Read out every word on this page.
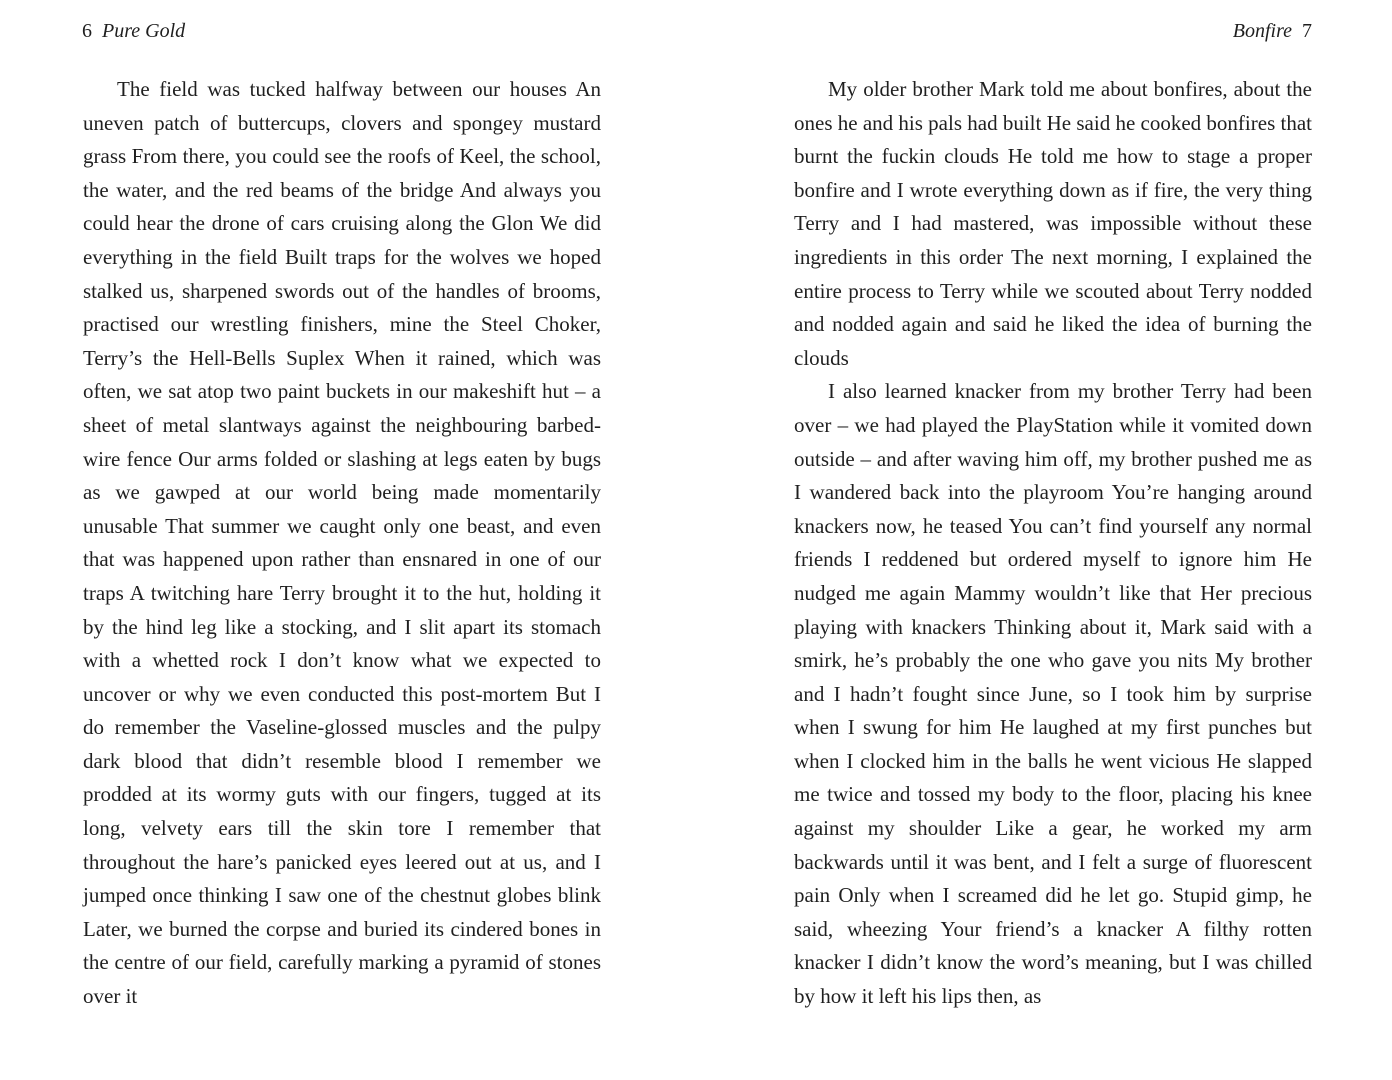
6 Pure Gold

The field was tucked halfway between our houses An uneven patch of buttercups, clovers and spongey mustard grass From there, you could see the roofs of Keel, the school, the water, and the red beams of the bridge And always you could hear the drone of cars cruising along the Glon We did everything in the field Built traps for the wolves we hoped stalked us, sharpened swords out of the handles of brooms, practised our wrestling finishers, mine the Steel Choker, Terry’s the Hell-Bells Suplex When it rained, which was often, we sat atop two paint buckets in our makeshift hut – a sheet of metal slantways against the neighbouring barbed-wire fence Our arms folded or slashing at legs eaten by bugs as we gawped at our world being made momentarily unusable That summer we caught only one beast, and even that was happened upon rather than ensnared in one of our traps A twitching hare Terry brought it to the hut, holding it by the hind leg like a stocking, and I slit apart its stomach with a whetted rock I don’t know what we expected to uncover or why we even conducted this post-mortem But I do remember the Vaseline-glossed muscles and the pulpy dark blood that didn’t resemble blood I remember we prodded at its wormy guts with our fingers, tugged at its long, velvety ears till the skin tore I remember that throughout the hare’s panicked eyes leered out at us, and I jumped once thinking I saw one of the chestnut globes blink Later, we burned the corpse and buried its cindered bones in the centre of our field, carefully marking a pyramid of stones over it

Bonfire 7

My older brother Mark told me about bonfires, about the ones he and his pals had built He said he cooked bonfires that burnt the fuckin clouds He told me how to stage a proper bonfire and I wrote everything down as if fire, the very thing Terry and I had mastered, was impossible without these ingredients in this order The next morning, I explained the entire process to Terry while we scouted about Terry nodded and nodded again and said he liked the idea of burning the clouds

I also learned knacker from my brother Terry had been over – we had played the PlayStation while it vomited down outside – and after waving him off, my brother pushed me as I wandered back into the playroom You’re hanging around knackers now, he teased You can’t find yourself any normal friends I reddened but ordered myself to ignore him He nudged me again Mammy wouldn’t like that Her precious playing with knackers Thinking about it, Mark said with a smirk, he’s probably the one who gave you nits My brother and I hadn’t fought since June, so I took him by surprise when I swung for him He laughed at my first punches but when I clocked him in the balls he went vicious He slapped me twice and tossed my body to the floor, placing his knee against my shoulder Like a gear, he worked my arm backwards until it was bent, and I felt a surge of fluorescent pain Only when I screamed did he let go. Stupid gimp, he said, wheezing Your friend’s a knacker A filthy rotten knacker I didn’t know the word’s meaning, but I was chilled by how it left his lips then, as
